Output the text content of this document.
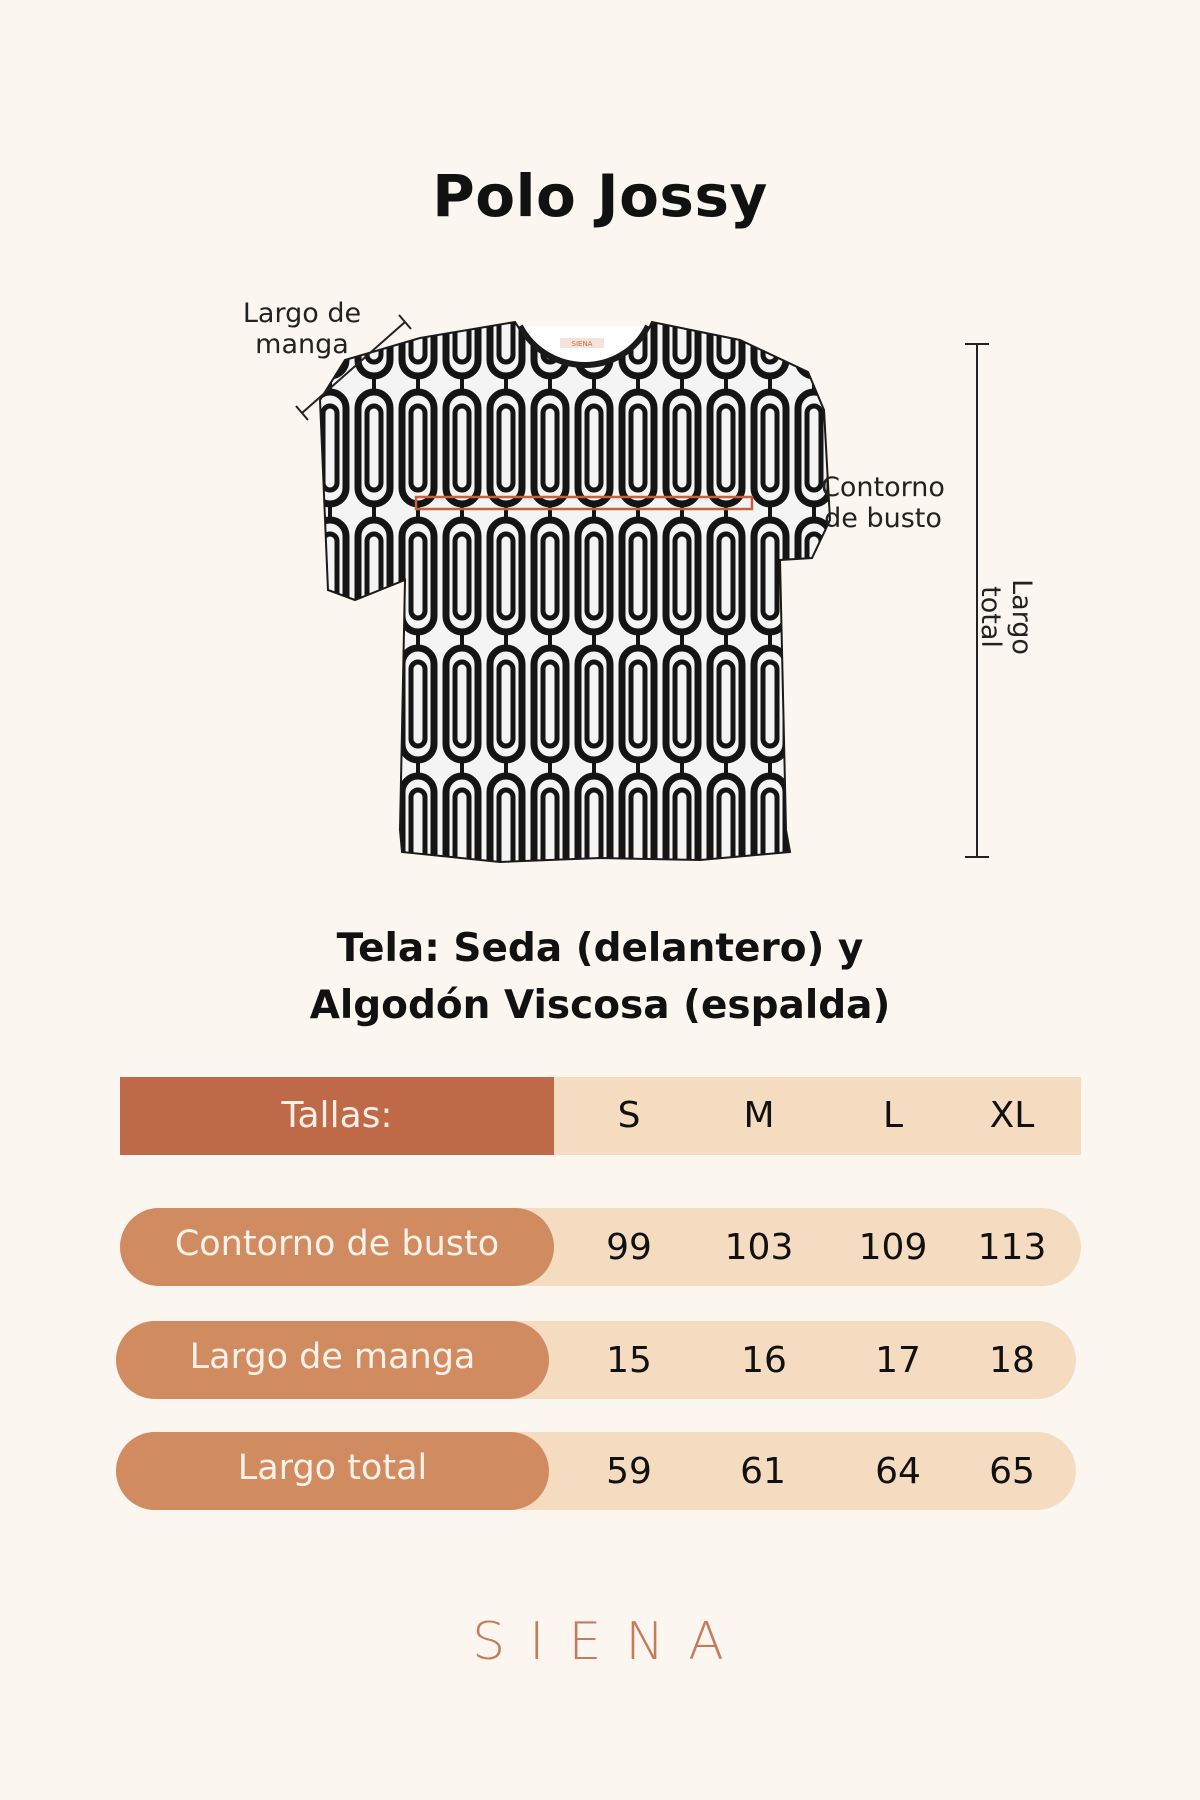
Polo Jossy
SIENA
Largo de
manga
Contorno
de busto
Largo total
Tela: Seda (delantero) y
Algodón Viscosa (espalda)
Tallas:	S	M	L	XL
Contorno de busto	99	103	109	113
Largo de manga	15	16	17	18
Largo total	59	61	64	65
SIENA
